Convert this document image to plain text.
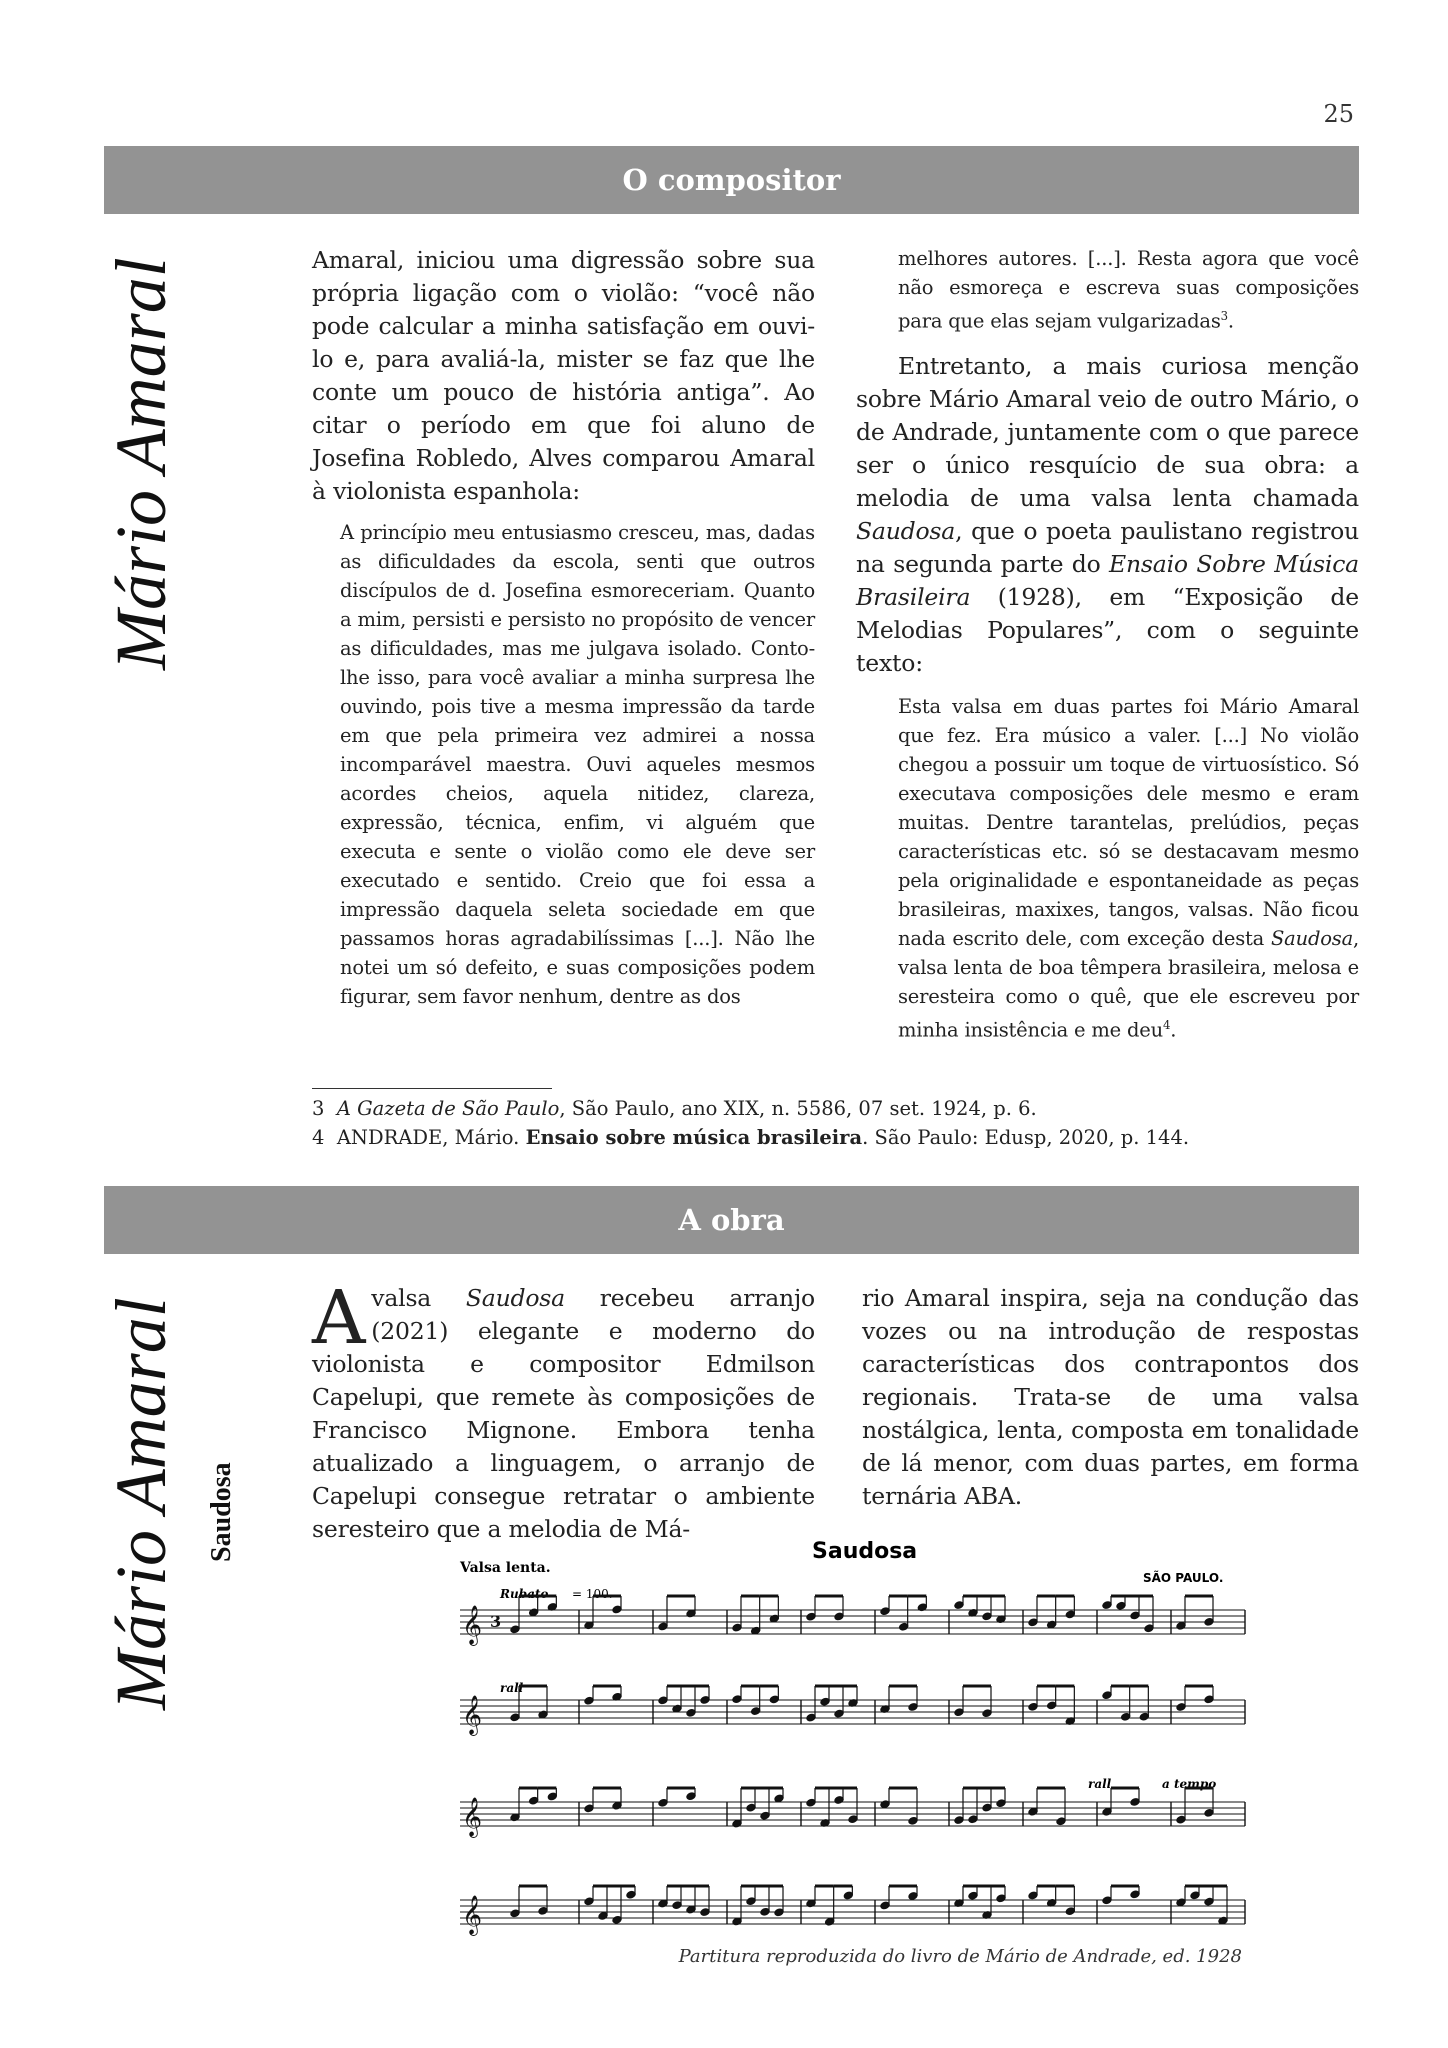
25
O compositor
Mário Amaral	Amaral, iniciou uma digressão sobre sua própria ligação com o violão: “você não pode calcular a minha satisfação em ouvi-lo e, para avaliá-la, mister se faz que lhe conte um pouco de história antiga”. Ao citar o período em que foi aluno de Josefina Robledo, Alves comparou Amaral à violonista espanhola:

A princípio meu entusiasmo cresceu, mas, dadas as dificuldades da escola, senti que outros discípulos de d. Josefina esmoreceriam. Quanto a mim, persisti e persisto no propósito de vencer as dificuldades, mas me julgava isolado. Conto-lhe isso, para você avaliar a minha surpresa lhe ouvindo, pois tive a mesma impressão da tarde em que pela primeira vez admirei a nossa incomparável maestra. Ouvi aqueles mesmos acordes cheios, aquela nitidez, clareza, expressão, técnica, enfim, vi alguém que executa e sente o violão como ele deve ser executado e sentido. Creio que foi essa a impressão daquela seleta sociedade em que passamos horas agradabilíssimas [...]. Não lhe notei um só defeito, e suas composições podem figurar, sem favor nenhum, dentre as dos

melhores autores. [...]. Resta agora que você não esmoreça e escreva suas composições para que elas sejam vulgarizadas$^3$.

Entretanto, a mais curiosa menção sobre Mário Amaral veio de outro Mário, o de Andrade, juntamente com o que parece ser o único resquício de sua obra: a melodia de uma valsa lenta chamada Saudosa, que o poeta paulistano registrou na segunda parte do Ensaio Sobre Música Brasileira (1928), em “Exposição de Melodias Populares”, com o seguinte texto:

Esta valsa em duas partes foi Mário Amaral que fez. Era músico a valer. [...] No violão chegou a possuir um toque de virtuosístico. Só executava composições dele mesmo e eram muitas. Dentre tarantelas, prelúdios, peças características etc. só se destacavam mesmo pela originalidade e espontaneidade as peças brasileiras, maxixes, tangos, valsas. Não ficou nada escrito dele, com exceção desta Saudosa, valsa lenta de boa têmpera brasileira, melosa e seresteira como o quê, que ele escreveu por minha insistência e me deu$^4$.

3 A Gazeta de São Paulo, São Paulo, ano XIX, n. 5586, 07 set. 1924, p. 6.
4 ANDRADE, Mário. Ensaio sobre música brasileira. São Paulo: Edusp, 2020, p. 144.
A obra
Mário Amaral Saudosa

A valsa Saudosa recebeu arranjo (2021) elegante e moderno do violonista e compositor Edmilson Capelupi, que remete às composições de Francisco Mignone. Embora tenha atualizado a linguagem, o arranjo de Capelupi consegue retratar o ambiente seresteiro que a melodia de Má-

rio Amaral inspira, seja na condução das vozes ou na introdução de respostas características dos contrapontos dos regionais. Trata-se de uma valsa nostálgica, lenta, composta em tonalidade de lá menor, com duas partes, em forma ternária ABA.

Saudosa
Valsa lenta.
SÃO PAULO.
Rubato = 100.
rall
rall	a tempo
𝄞 3
𝄞
𝄞
𝄞
Partitura reproduzida do livro de Mário de Andrade, ed. 1928
